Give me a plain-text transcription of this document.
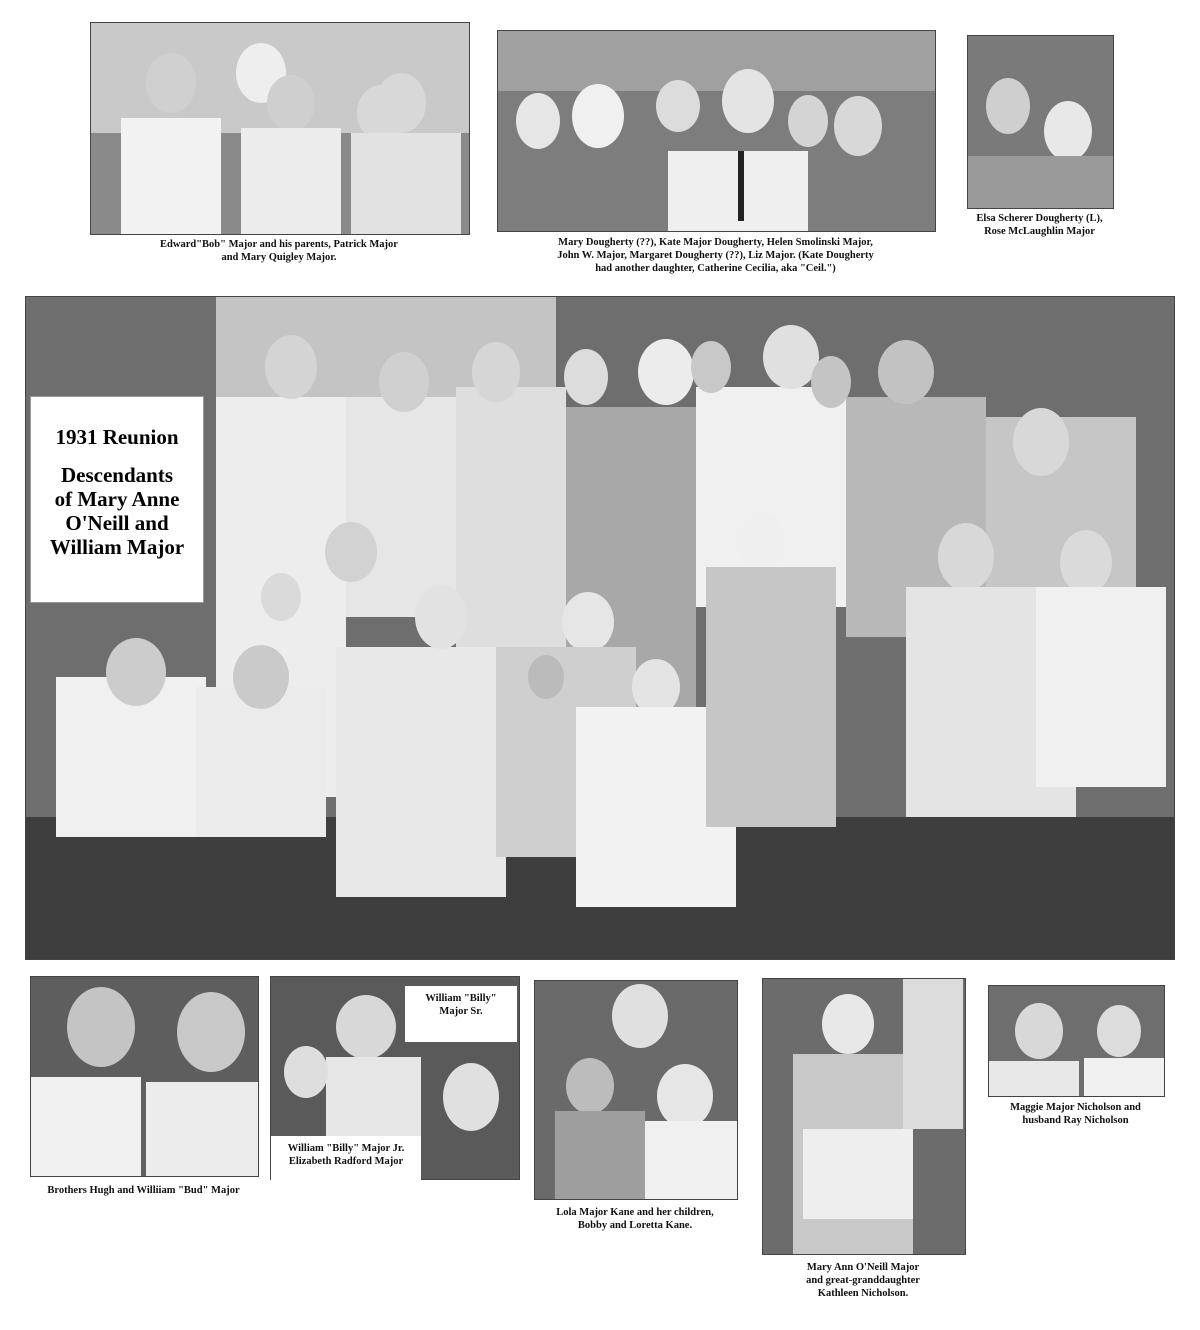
Edward"Bob" Major and his parents, Patrick Major
and Mary Quigley Major.
Mary Dougherty (??), Kate Major Dougherty, Helen Smolinski Major,
John W. Major, Margaret Dougherty (??), Liz Major. (Kate Dougherty
had another daughter, Catherine Cecilia, aka "Ceil.")
Elsa Scherer Dougherty (L),
Rose McLaughlin Major
1931 Reunion
Descendants
of Mary Anne
O'Neill and
William Major
Brothers Hugh and Williiam "Bud" Major
William "Billy"
Major Sr.
William "Billy" Major Jr.
Elizabeth Radford Major
Lola Major Kane and her children,
Bobby and Loretta Kane.
Mary Ann O'Neill Major
and great-granddaughter
Kathleen Nicholson.
Maggie Major Nicholson and
husband Ray Nicholson
